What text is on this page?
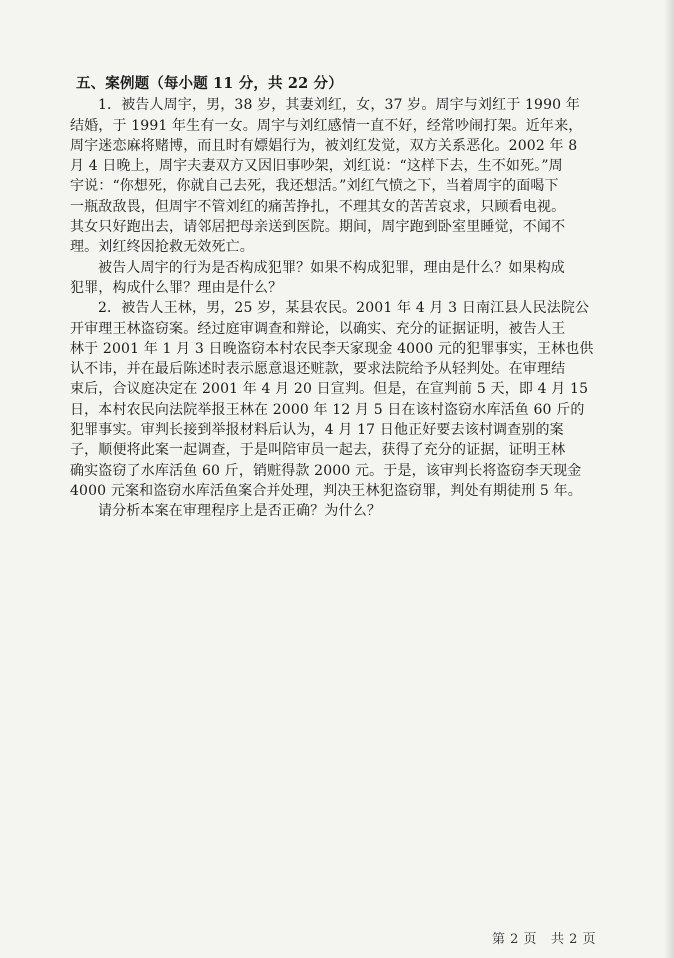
五、案例题（每小题 11 分，共 22 分）
1．被告人周宇，男，38 岁，其妻刘红，女，37 岁。周宇与刘红于 1990 年
结婚，于 1991 年生有一女。周宇与刘红感情一直不好，经常吵闹打架。近年来，
周宇迷恋麻将赌博，而且时有嫖娼行为，被刘红发觉，双方关系恶化。2002 年 8
月 4 日晚上，周宇夫妻双方又因旧事吵架，刘红说：“这样下去，生不如死。”周
宇说：“你想死，你就自己去死，我还想活。”刘红气愤之下，当着周宇的面喝下
一瓶敌敌畏，但周宇不管刘红的痛苦挣扎，不理其女的苦苦哀求，只顾看电视。
其女只好跑出去，请邻居把母亲送到医院。期间，周宇跑到卧室里睡觉，不闻不
理。刘红终因抢救无效死亡。
被告人周宇的行为是否构成犯罪？如果不构成犯罪，理由是什么？如果构成
犯罪，构成什么罪？理由是什么？
2．被告人王林，男，25 岁，某县农民。2001 年 4 月 3 日南江县人民法院公
开审理王林盗窃案。经过庭审调查和辩论，以确实、充分的证据证明，被告人王
林于 2001 年 1 月 3 日晚盗窃本村农民李天家现金 4000 元的犯罪事实，王林也供
认不讳，并在最后陈述时表示愿意退还赃款，要求法院给予从轻判处。在审理结
束后，合议庭决定在 2001 年 4 月 20 日宣判。但是，在宣判前 5 天，即 4 月 15
日，本村农民向法院举报王林在 2000 年 12 月 5 日在该村盗窃水库活鱼 60 斤的
犯罪事实。审判长接到举报材料后认为，4 月 17 日他正好要去该村调查别的案
子，顺便将此案一起调查，于是叫陪审员一起去，获得了充分的证据，证明王林
确实盗窃了水库活鱼 60 斤，销赃得款 2000 元。于是，该审判长将盗窃李天现金
4000 元案和盗窃水库活鱼案合并处理，判决王林犯盗窃罪，判处有期徒刑 5 年。
请分析本案在审理程序上是否正确？为什么？
第 2 页 共 2 页
